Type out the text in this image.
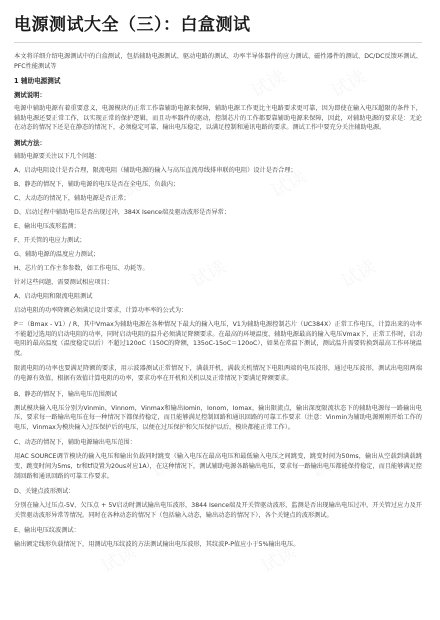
电源测试大全（三）：白盒测试

本文将详细介绍电源测试中的白盒测试，包括辅助电源测试、驱动电路的测试、功率半导体器件的应力测试、磁性器件的测试、DC/DC反馈环测试、PFC性能测试等

1 辅助电源测试
测试说明：

电源中辅助电源有着重要意义，电源模块的正常工作靠辅助电源来保障，辅助电源工作更比主电路要求更可靠，因为即使在输入电压超限的条件下，辅助电源还要正常工作，以实现正常的保护逻辑，而且功率器件的驱动，控制芯片的工作都要靠辅助电源来保障，因此，对辅助电源的要求是：无论在动态的情况下还是在静态的情况下，必须稳定可靠，输出电压稳定，以满足控制和通讯电路的要求。测试工作中要充分关注辅助电源。

测试方法：

辅助电源要关注以下几个问题：

A、启动电阻设计是否合理，限流电阻（辅助电源的输入与高压直流母线排串联的电阻）设计是否合理；

B、静态的情况下，辅助电源的电压是否在全电压、负载内；

C、大动态的情况下，辅助电源是否正常；

D、启动过程中辅助电压是否出现过冲，384X Isence端及驱动波形是否异常；

E、输出电压波形监测；

F、开关管的电应力测试；

G、辅助电源的温度应力测试；

H、芯片的工作主参参数，如工作电压、功耗等。

针对这些问题，需要测试相应项目：

A、启动电阻和限流电阻测试

启动电阻的功率降额必须满足设计要求，计算功率率的公式为：

P＝（Bmax - V1）/ R，其中Vmax为辅助电源在各种情况下最大的输入电压，V1为辅助电源控制芯片（UC384X）正常工作电压，计算出来的功率不能超过选用的启动电阻的功率，同时启动电阻的温升必须满足降额要求。在最高的环境温度、辅助电源最高的输入电压Vmax下，正常工作时，启动电阻的最高温度（温度稳定以后）不超过120oC（150C的降额，135oC-15oC＝120oC），如果在常温下测试，测试温升需要转换到最高工作环境温度。

限流电阻的功率也要满足降额的要求，用示波器测试正常情况下，满载开机，满载关机情况下电阻两端的电压波形，通过电压波形，测试出电阻两端的电源有效值，根据有效值计算电阻的功率，要求功率在开机和关机以及正常情况下要满足降额要求。

B、静态的情况下，输出电压范围测试

测试模块输入电压分别为Vinmin，Vinnom，Vinmax和输出Iomin，Ionom，Iomax，输出限流点，输出深度限流状态下的辅助电源每一路输出电压，要求每一路输出电压在每一种情况下都保持稳定，而且能够满足控制回路和通讯回路的可靠工作要求（注意：Vinmin为辅助电源刚刚开始工作的电压，Vinmax为模块输入过压保护后的电压，以便在过压保护和欠压保护以后，模块都能正常工作）。

C、动态的情况下，辅助电源输出电压范围：

用AC SOURCE调节模块的输入电压和输出负载同时跳变（输入电压在最高电压和最低输入电压之间跳变，跳变时间为50ms，输出从空载到满载跳变，跳变时间为5ms，tr和tf设置为20us对应1A），在这种情况下，测试辅助电源各路输出电压，要求每一路输出电压都能保持稳定，而且能够满足控制回路和通讯回路的可靠工作要求。

D、关键点波形测试：

分别在输入过压点-5V、欠压点 + 5V启动时测试输出电压波形，3844 Isence端及开关管驱动波形，监测是否出现输出电压过冲，开关管过应力及开关管驱动波形异常等情况。同时在各种动态的情况下（包括输入动态，输出动态的情况下），各个关键点的波形测试。

E、输出电压纹波测试：

输出额定线形负载情况下，用测试电压纹波的方法测试输出电压波形，其纹波P-P值应小于5%输出电压。

试读 试读
试读	试读
试读	试读
试读	试读
试读	试读
试读	试读
